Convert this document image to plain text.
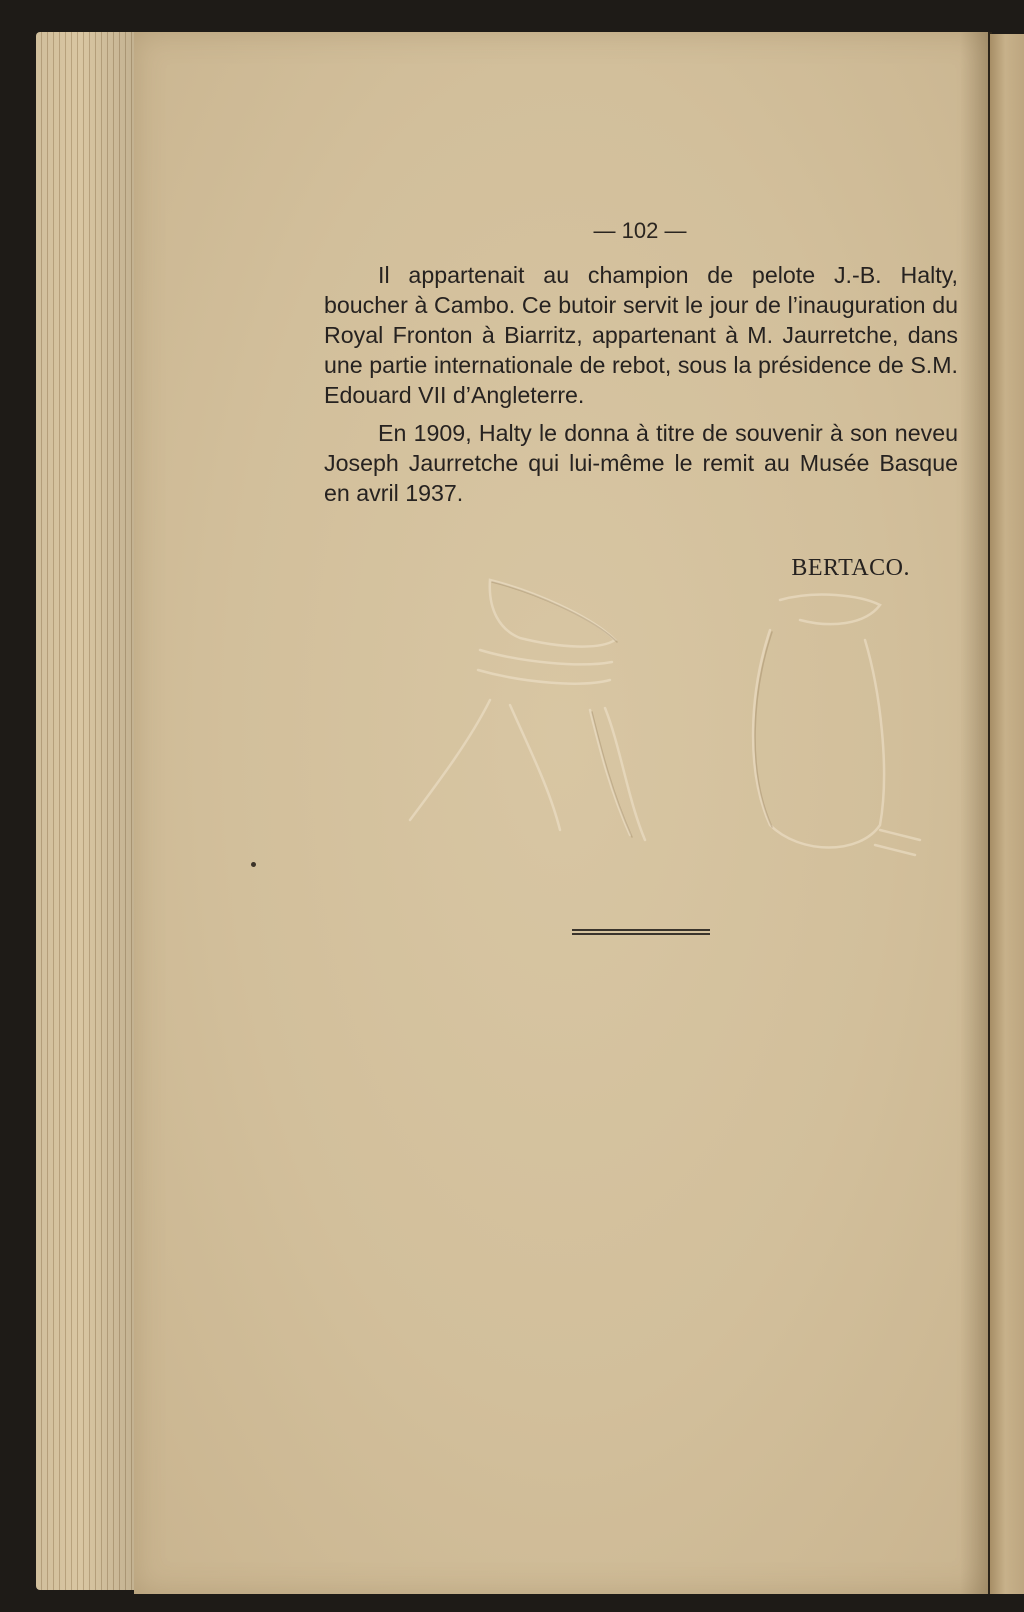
— 102 —

Il appartenait au champion de pelote J.-B. Halty, boucher à Cambo. Ce butoir servit le jour de l’inauguration du Royal Fronton à Biarritz, appartenant à M. Jaurretche, dans une partie internationale de rebot, sous la présidence de S.M. Edouard VII d’Angleterre.

En 1909, Halty le donna à titre de souvenir à son neveu Joseph Jaurretche qui lui-même le remit au Musée Basque en avril 1937.

BERTACO.
